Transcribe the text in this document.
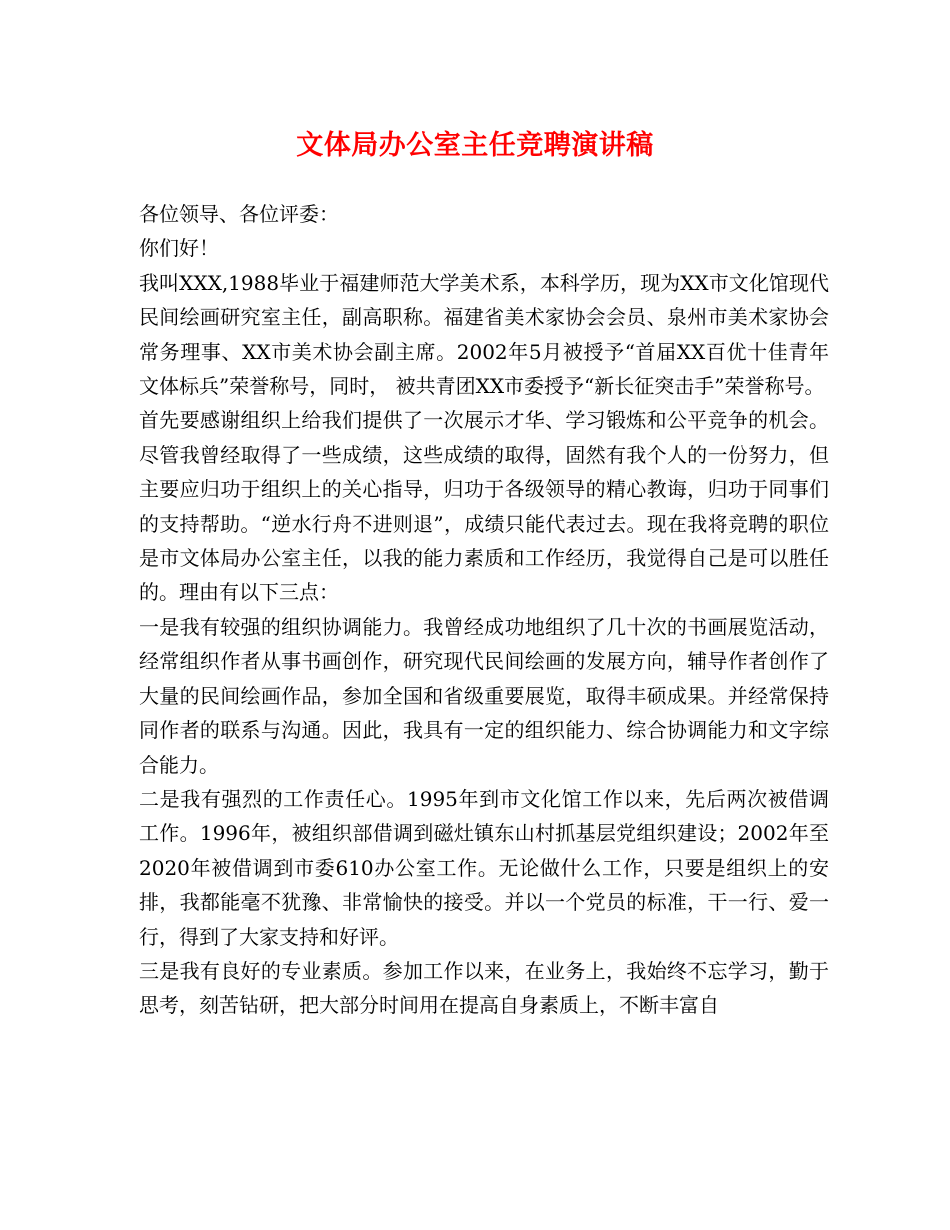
文体局办公室主任竞聘演讲稿

各位领导、各位评委：

你们好！

我叫XXX,1988毕业于福建师范大学美术系，本科学历，现为XX市文化馆现代民间绘画研究室主任，副高职称。福建省美术家协会会员、泉州市美术家协会常务理事、XX市美术协会副主席。2002年5月被授予“首届XX百优十佳青年文体标兵”荣誉称号，同时， 被共青团XX市委授予“新长征突击手”荣誉称号。

首先要感谢组织上给我们提供了一次展示才华、学习锻炼和公平竞争的机会。尽管我曾经取得了一些成绩，这些成绩的取得，固然有我个人的一份努力，但主要应归功于组织上的关心指导，归功于各级领导的精心教诲，归功于同事们的支持帮助。“逆水行舟不进则退”，成绩只能代表过去。现在我将竞聘的职位是市文体局办公室主任，以我的能力素质和工作经历，我觉得自己是可以胜任的。理由有以下三点：

一是我有较强的组织协调能力。我曾经成功地组织了几十次的书画展览活动，经常组织作者从事书画创作，研究现代民间绘画的发展方向，辅导作者创作了大量的民间绘画作品，参加全国和省级重要展览，取得丰硕成果。并经常保持同作者的联系与沟通。因此，我具有一定的组织能力、综合协调能力和文字综合能力。

二是我有强烈的工作责任心。1995年到市文化馆工作以来，先后两次被借调工作。1996年，被组织部借调到磁灶镇东山村抓基层党组织建设；2002年至2020年被借调到市委610办公室工作。无论做什么工作，只要是组织上的安排，我都能毫不犹豫、非常愉快的接受。并以一个党员的标准，干一行、爱一行，得到了大家支持和好评。

三是我有良好的专业素质。参加工作以来，在业务上，我始终不忘学习，勤于思考，刻苦钻研，把大部分时间用在提高自身素质上，不断丰富自
